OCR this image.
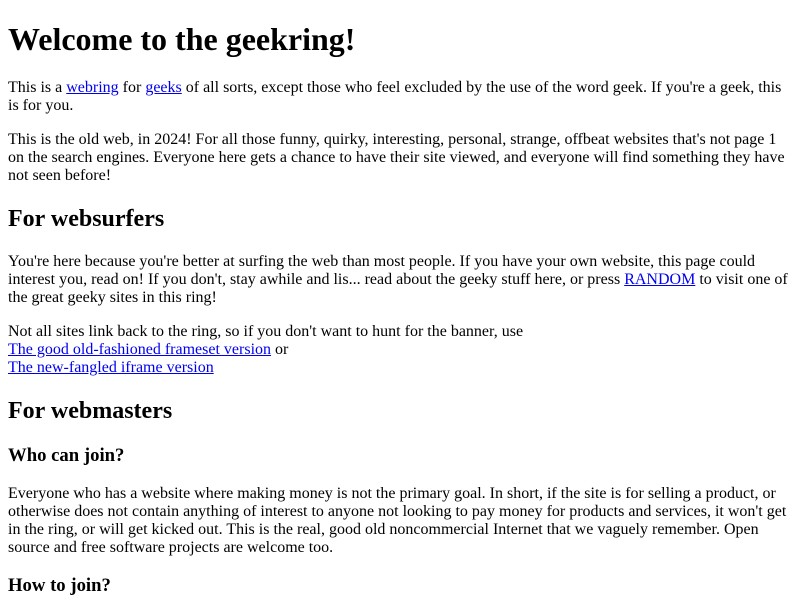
Welcome to the geekring!

This is a webring for geeks of all sorts, except those who feel excluded by the use of the word geek. If you're a geek, this is for you.

This is the old web, in 2024! For all those funny, quirky, interesting, personal, strange, offbeat websites that's not page 1 on the search engines. Everyone here gets a chance to have their site viewed, and everyone will find something they have not seen before!

For websurfers

You're here because you're better at surfing the web than most people. If you have your own website, this page could interest you, read on! If you don't, stay awhile and lis... read about the geeky stuff here, or press RANDOM to visit one of the great geeky sites in this ring!

Not all sites link back to the ring, so if you don't want to hunt for the banner, use
The good old-fashioned frameset version or
The new-fangled iframe version

For webmasters
Who can join?

Everyone who has a website where making money is not the primary goal. In short, if the site is for selling a product, or otherwise does not contain anything of interest to anyone not looking to pay money for products and services, it won't get in the ring, or will get kicked out. This is the real, good old noncommercial Internet that we vaguely remember. Open source and free software projects are welcome too.

How to join?
